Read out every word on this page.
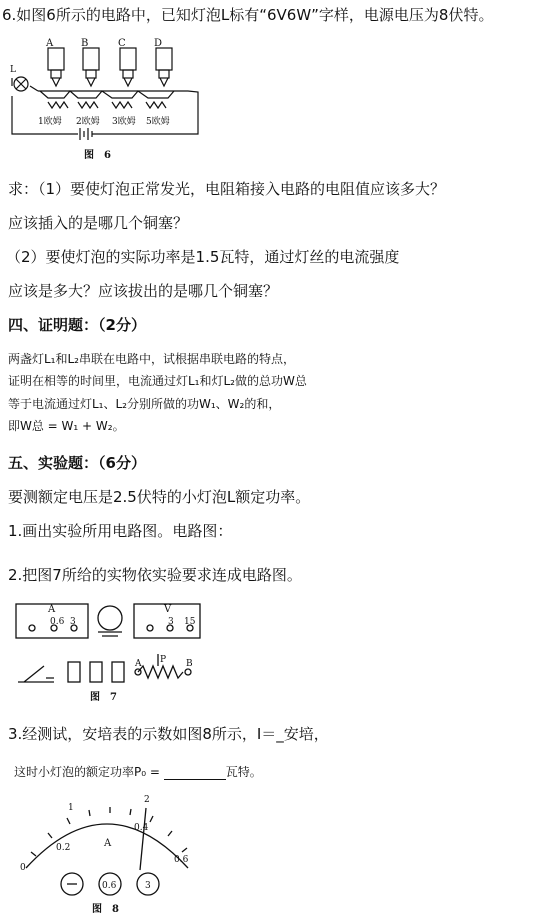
6.如图6所示的电路中，已知灯泡L标有“6V6W”字样，电源电压为8伏特。
A	B	C	D
L
1欧姆 2欧姆 3欧姆 5欧姆
图　6
求：（1）要使灯泡正常发光，电阻箱接入电路的电阻值应该多大？
应该插入的是哪几个铜塞？
（2）要使灯泡的实际功率是1.5瓦特，通过灯丝的电流强度
应该是多大？应该拔出的是哪几个铜塞？
四、证明题：（2分）
两盏灯L₁和L₂串联在电路中，试根据串联电路的特点，
证明在相等的时间里，电流通过灯L₁和灯L₂做的总功W总
等于电流通过灯L₁、L₂分别所做的功W₁、W₂的和，
即W总 = W₁ + W₂。
五、实验题：（6分）
要测额定电压是2.5伏特的小灯泡L额定功率。
1.画出实验所用电路图。电路图：
2.把图7所给的实物依实验要求连成电路图。
A
0.6 3
V
3 15
A P B
图　7
3.经测试，安培表的示数如图8所示，I＝_安培，
这时小灯泡的额定功率P₀ =	瓦特。
0
0.2
1
0.4
2
0.6
A
0.6	3
图　8
